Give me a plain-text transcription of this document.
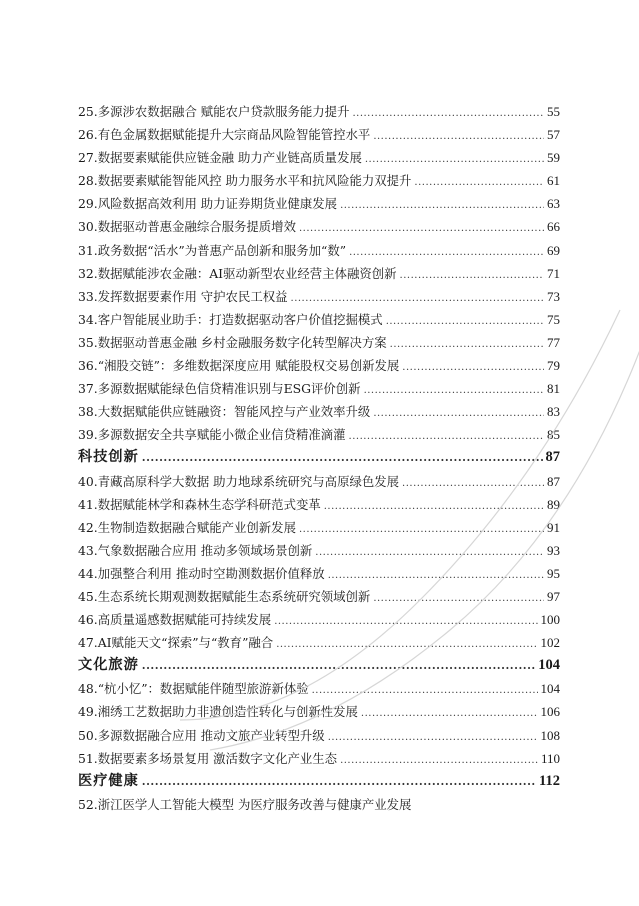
25.多源涉农数据融合 赋能农户贷款服务能力提升 .....	55
26.有色金属数据赋能提升大宗商品风险智能管控水平 .....	57
27.数据要素赋能供应链金融 助力产业链高质量发展 .....	59
28.数据要素赋能智能风控 助力服务水平和抗风险能力双提升 .....	61
29.风险数据高效利用 助力证券期货业健康发展 .....	63
30.数据驱动普惠金融综合服务提质增效 .....	66
31.政务数据“活水”为普惠产品创新和服务加“数” .....	69
32.数据赋能涉农金融：AI驱动新型农业经营主体融资创新 .....	71
33.发挥数据要素作用 守护农民工权益 .....	73
34.客户智能展业助手：打造数据驱动客户价值挖掘模式 .....	75
35.数据驱动普惠金融 乡村金融服务数字化转型解决方案 .....	77
36.“湘股交链”：多维数据深度应用 赋能股权交易创新发展 .....	79
37.多源数据赋能绿色信贷精准识别与ESG评价创新 .....	81
38.大数据赋能供应链融资：智能风控与产业效率升级 .....	83
39.多源数据安全共享赋能小微企业信贷精准滴灌 .....	85
科技创新 .....	87
40.青藏高原科学大数据 助力地球系统研究与高原绿色发展 .....	87
41.数据赋能林学和森林生态学科研范式变革 .....	89
42.生物制造数据融合赋能产业创新发展 .....	91
43.气象数据融合应用 推动多领域场景创新 .....	93
44.加强整合利用 推动时空勘测数据价值释放 .....	95
45.生态系统长期观测数据赋能生态系统研究领域创新 .....	97
46.高质量遥感数据赋能可持续发展 .....	100
47.AI赋能天文“探索”与“教育”融合 .....	102
文化旅游 .....	104
48.“杭小忆”：数据赋能伴随型旅游新体验 .....	104
49.湘绣工艺数据助力非遗创造性转化与创新性发展 .....	106
50.多源数据融合应用 推动文旅产业转型升级 .....	108
51.数据要素多场景复用 激活数字文化产业生态 .....	110
医疗健康 .....	112
52.浙江医学人工智能大模型 为医疗服务改善与健康产业发展
